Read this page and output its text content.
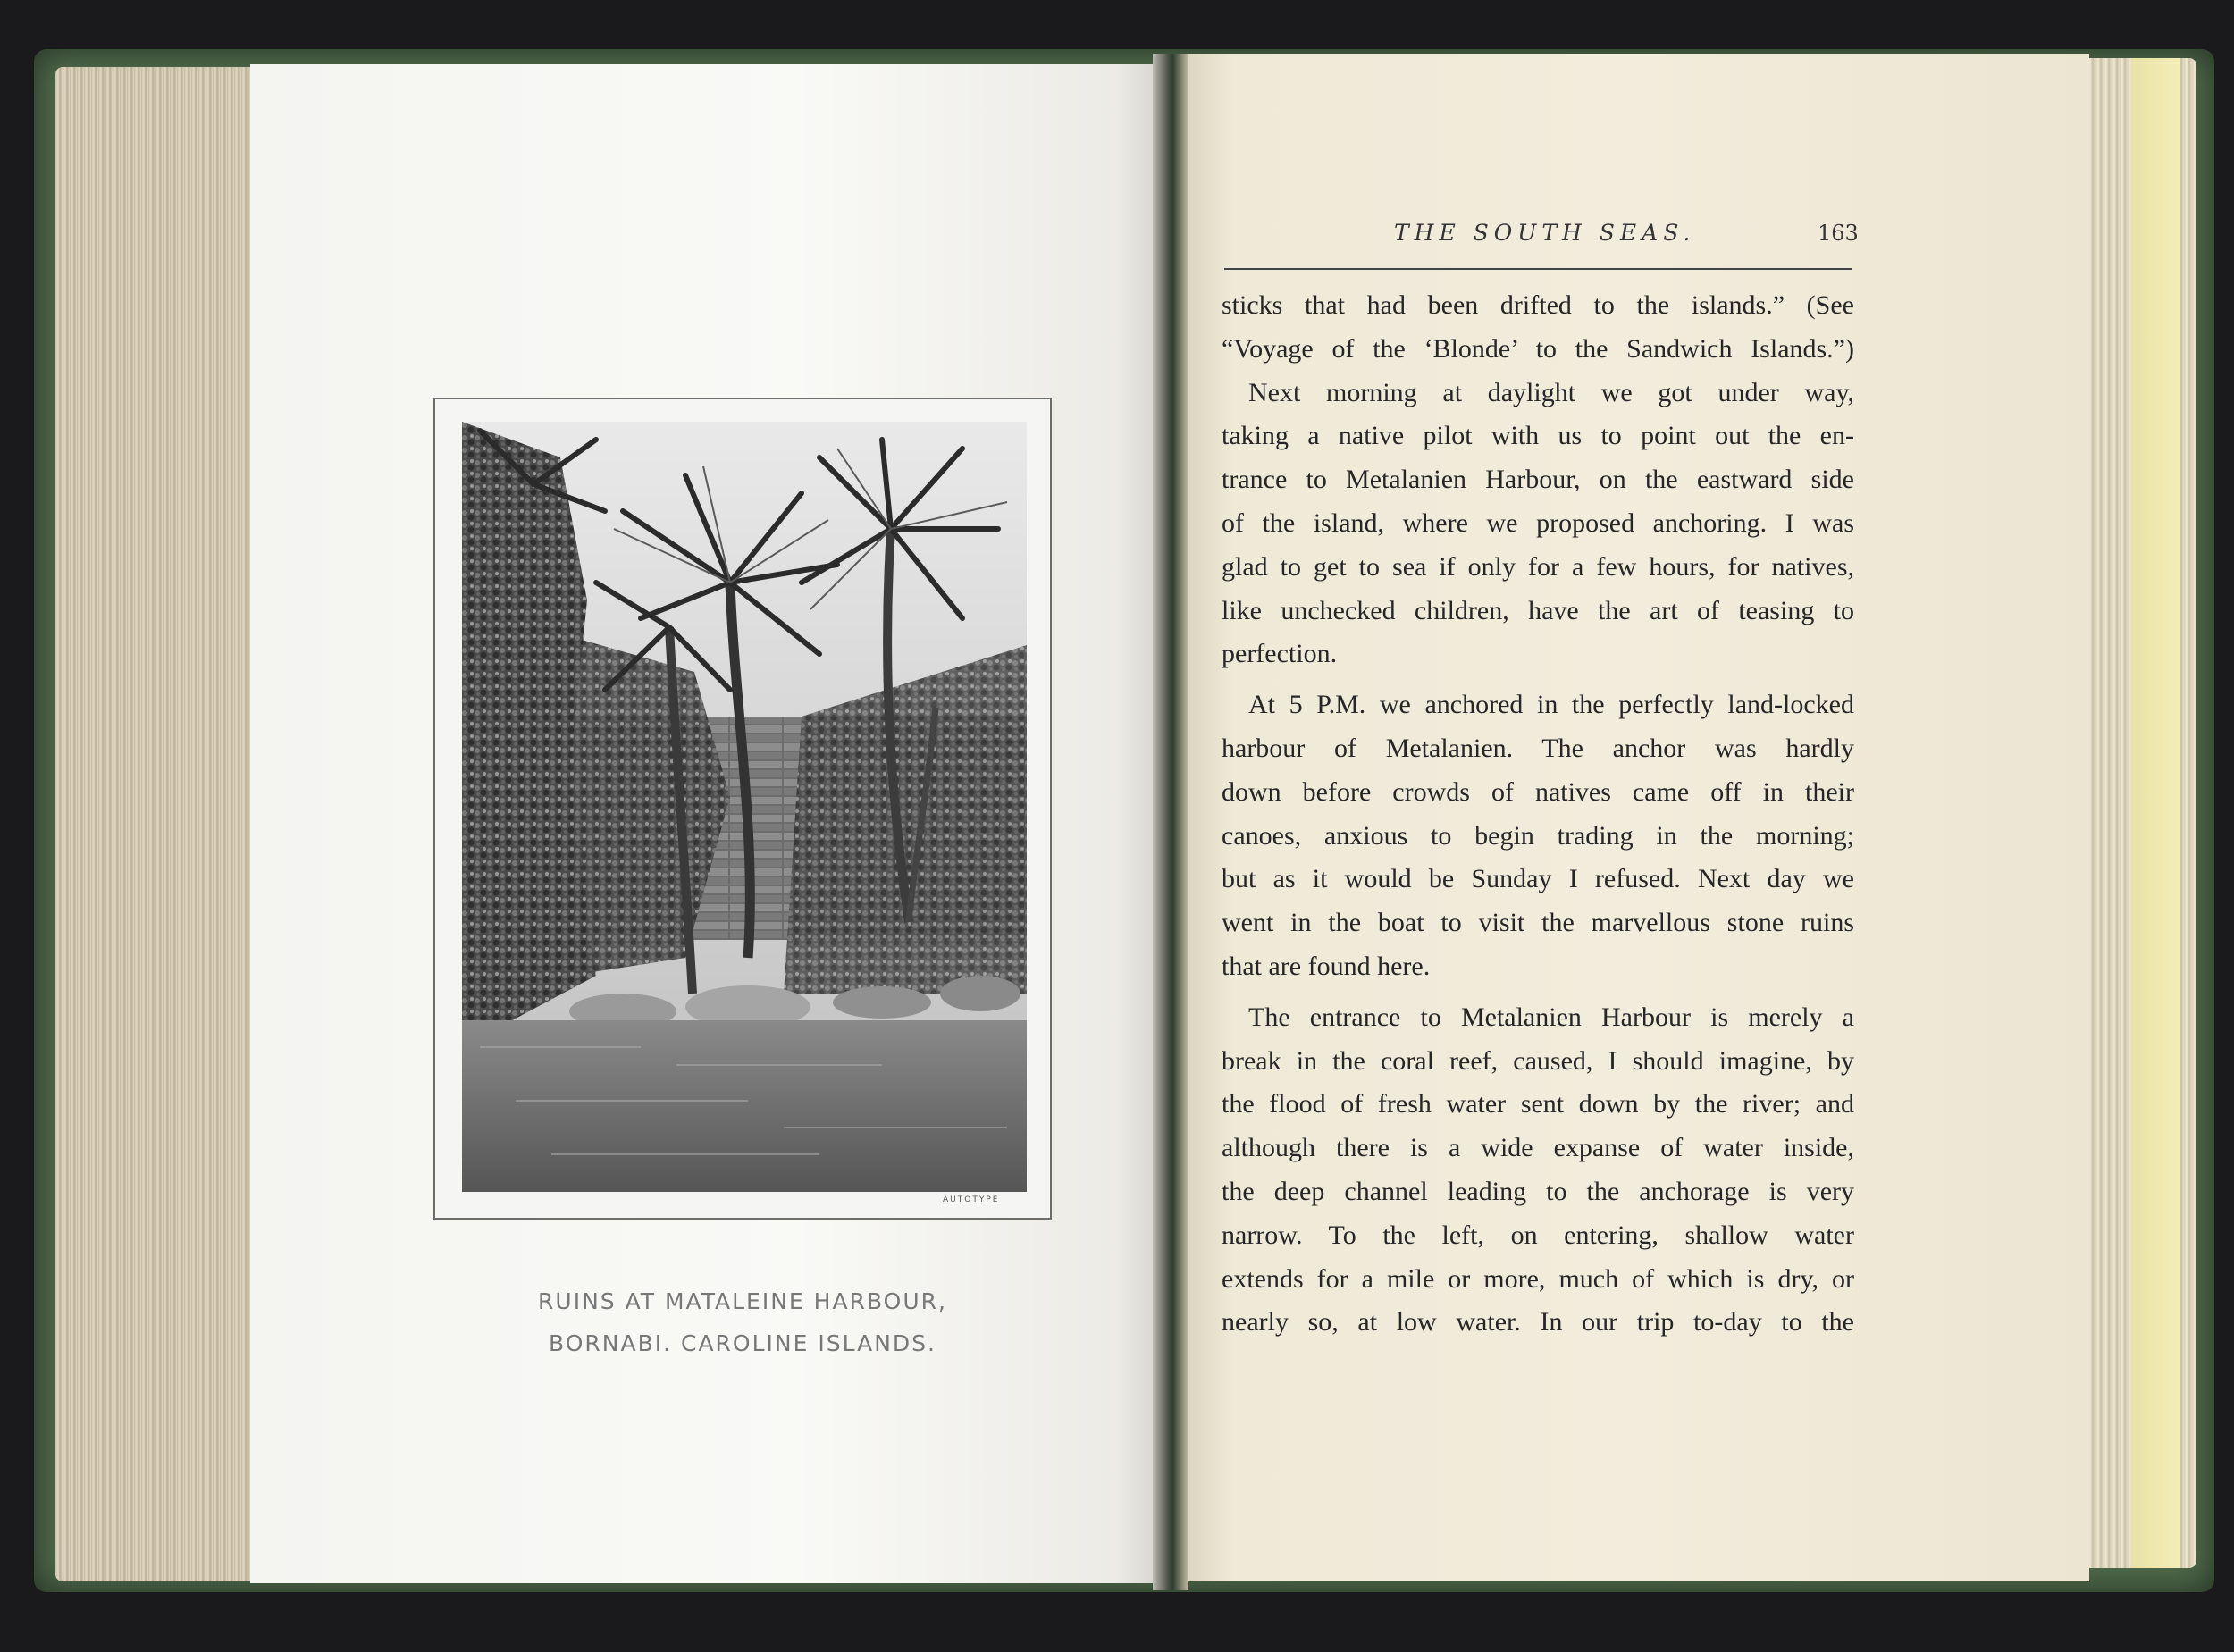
AUTOTYPE
RUINS AT MATALEINE HARBOUR,
BORNABI. CAROLINE ISLANDS.
THE SOUTH SEAS.	163
sticks that had been drifted to the islands.” (See
“Voyage of the ‘Blonde’ to the Sandwich Islands.”)
Next morning at daylight we got under way,
taking a native pilot with us to point out the en-
trance to Metalanien Harbour, on the eastward side
of the island, where we proposed anchoring. I was
glad to get to sea if only for a few hours, for natives,
like unchecked children, have the art of teasing to
perfection.
At 5 P.M. we anchored in the perfectly land-locked
harbour of Metalanien. The anchor was hardly
down before crowds of natives came off in their
canoes, anxious to begin trading in the morning;
but as it would be Sunday I refused. Next day we
went in the boat to visit the marvellous stone ruins
that are found here.
The entrance to Metalanien Harbour is merely a
break in the coral reef, caused, I should imagine, by
the flood of fresh water sent down by the river; and
although there is a wide expanse of water inside,
the deep channel leading to the anchorage is very
narrow. To the left, on entering, shallow water
extends for a mile or more, much of which is dry, or
nearly so, at low water. In our trip to-day to the
